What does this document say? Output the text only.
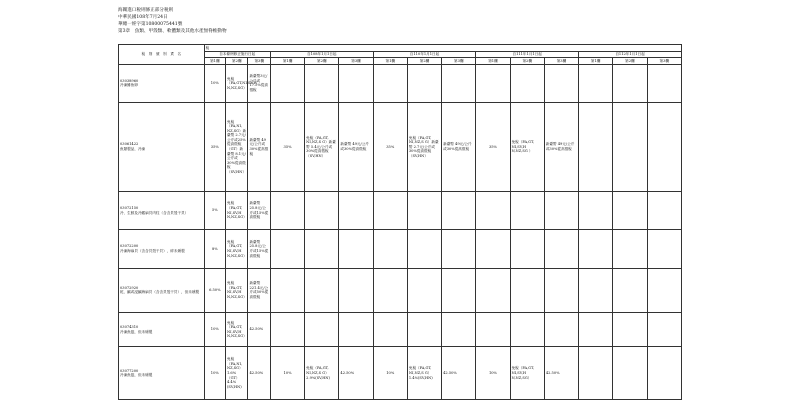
海關進口稅則修正部分稅則
中華民國108年7月24日
華總一經字第10800075441號
第3章　魚類、甲殼類、軟體類及其他水產無脊椎動物
稅　則　號　別　貨　名	稅														
	自本條例修正施行日起			自108年1月1日起			自110年1月1日起			自111年1月1日起			自112年1月1日起		
	第1欄	第2欄	第3欄	第1欄	第2欄	第3欄	第1欄	第2欄	第3欄	第1欄	第2欄	第3欄	第1欄	第2欄	第3欄

03038960
冷凍鯡魚卵	10%	免稅（PA,GT,NI,SV,H N,NZ,SG）	新臺幣3元/公斤或17.5%從高徵稅												

03061422
魚類製品，冷凍	35%	免稅（PA,NI, NZ,SG）新臺幣 2.7元/公斤或25%從高徵稅（GT）新臺幣 8.1元/公斤或 30%從高徵稅 （SV,HN）	新臺幣 49元/公斤或30%從高徵稅	35%	免稅（PA,GT, NI,NZ,S G）新臺幣 5.4元/公斤或30%從高徵稅（SV,HN）	新臺幣 49元/公斤或30%從高徵稅	35%	免稅（PA,GT, NI,NZ,S G）新臺幣 2.7元/公斤或30%從高徵稅（SV,HN）	新臺幣 49元/公斤或30%從高徵稅	35%	免稅（PA,GT, NI,SV,H N,NZ,SG ）	新臺幣 49元/公斤或30%從高徵稅			

03072150
冷、生鮮及冷藏扇貝肉柱（含含貝殼干貝）	5%	免稅（PA,GT, NI,SV,H N,NZ,SG）	新臺幣 25.8元/公斤或15%從高徵稅												

03072200
冷凍海扇貝（含含貝殼干貝），碎未燻製	8%	免稅（PA,GT, NI,SV,H N,NZ,SG）	新臺幣 25.8元/公斤或15%從高徵稅												

03072920
乾、鹹或浸鹹海扇貝（含含貝殼干貝），但未燻製	6.50%	免稅（PA,GT, NI,SV,H N,NZ,SG）	新臺幣 221.4元/公斤或50%從高徵稅												

03074310
冷凍魚翅，但未燻製	10%	免稅（PA,GT, NI,SV,H N,NZ,SG）	42.50%												

03077200
冷凍魚翅，但未燻製	10%	免稅（PA,NI, NZ,SG）1.6%（GT）4.4%(SV,HN)	42.50%	10%	免稅（PA,GT, NI,NZ,S G）2.9%(SV,HN)	42.50%	10%	免稅（PA,GT, NI,NZ,S G）1.4%(SV,HN)	42.50%	10%	免稅（PA,GT, NI,SV,H N,NZ,SG）	42.50%			
